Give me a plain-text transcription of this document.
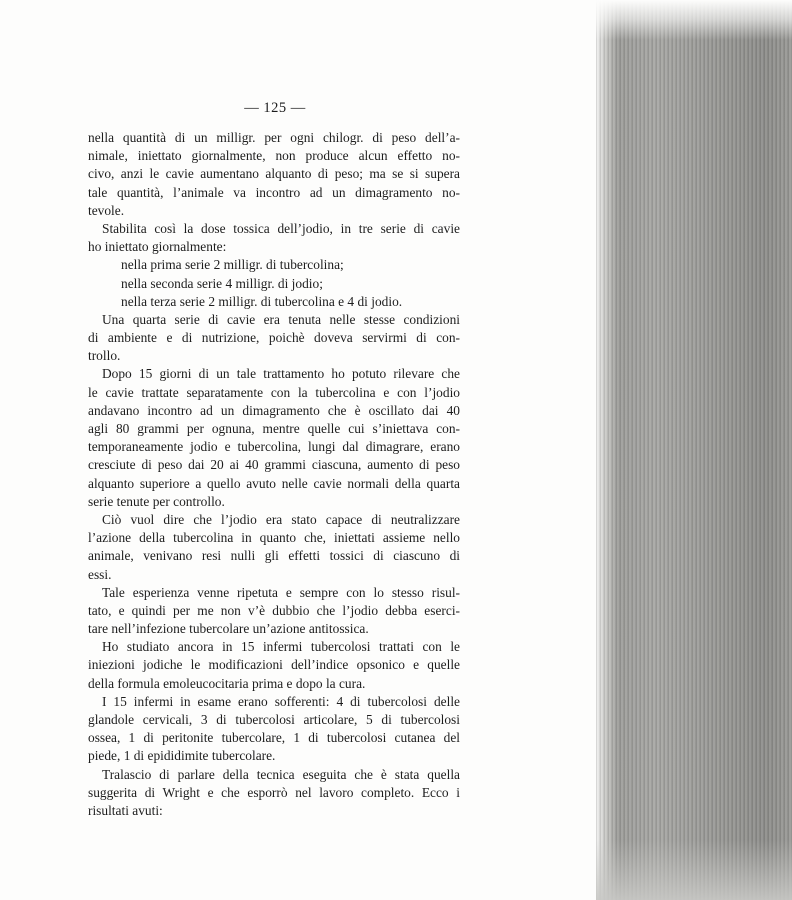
— 125 —
nella quantità di un milligr. per ogni chilogr. di peso dell’a-
nimale, iniettato giornalmente, non produce alcun effetto no-
civo, anzi le cavie aumentano alquanto di peso; ma se si supera
tale quantità, l’animale va incontro ad un dimagramento no-
tevole.
Stabilita così la dose tossica dell’jodio, in tre serie di cavie
ho iniettato giornalmente:
nella prima serie 2 milligr. di tubercolina;
nella seconda serie 4 milligr. di jodio;
nella terza serie 2 milligr. di tubercolina e 4 di jodio.
Una quarta serie di cavie era tenuta nelle stesse condizioni
di ambiente e di nutrizione, poichè doveva servirmi di con-
trollo.
Dopo 15 giorni di un tale trattamento ho potuto rilevare che
le cavie trattate separatamente con la tubercolina e con l’jodio
andavano incontro ad un dimagramento che è oscillato dai 40
agli 80 grammi per ognuna, mentre quelle cui s’iniettava con-
temporaneamente jodio e tubercolina, lungi dal dimagrare, erano
cresciute di peso dai 20 ai 40 grammi ciascuna, aumento di peso
alquanto superiore a quello avuto nelle cavie normali della quarta
serie tenute per controllo.
Ciò vuol dire che l’jodio era stato capace di neutralizzare
l’azione della tubercolina in quanto che, iniettati assieme nello
animale, venivano resi nulli gli effetti tossici di ciascuno di
essi.
Tale esperienza venne ripetuta e sempre con lo stesso risul-
tato, e quindi per me non v’è dubbio che l’jodio debba eserci-
tare nell’infezione tubercolare un’azione antitossica.
Ho studiato ancora in 15 infermi tubercolosi trattati con le
iniezioni jodiche le modificazioni dell’indice opsonico e quelle
della formula emoleucocitaria prima e dopo la cura.
I 15 infermi in esame erano sofferenti: 4 di tubercolosi delle
glandole cervicali, 3 di tubercolosi articolare, 5 di tubercolosi
ossea, 1 di peritonite tubercolare, 1 di tubercolosi cutanea del
piede, 1 di epididimite tubercolare.
Tralascio di parlare della tecnica eseguita che è stata quella
suggerita di Wright e che esporrò nel lavoro completo. Ecco i
risultati avuti:
